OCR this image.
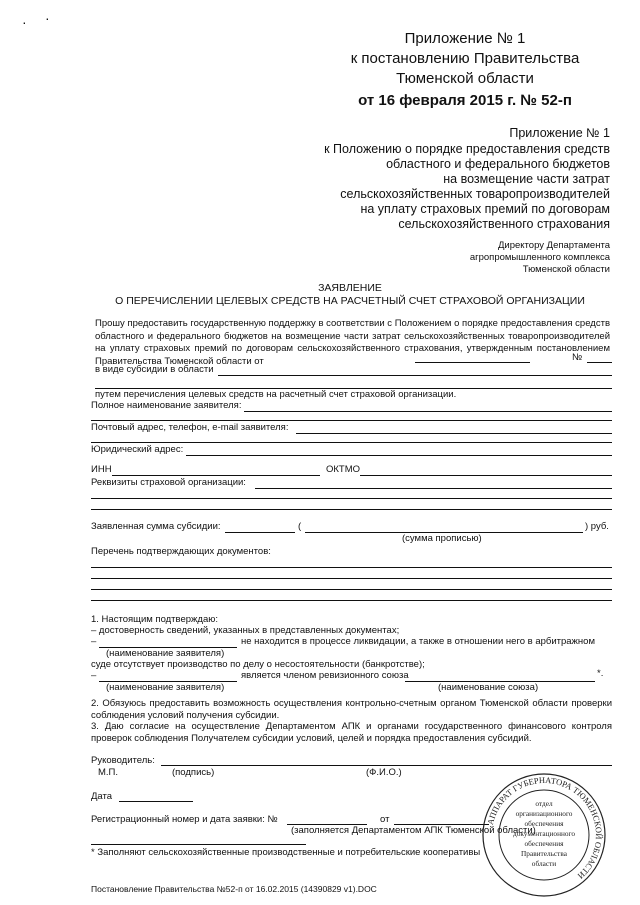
· ·
Приложение № 1
к постановлению Правительства
Тюменской области
от 16 февраля 2015 г. № 52-п
Приложение № 1
к Положению о порядке предоставления средств
областного и федерального бюджетов
на возмещение части затрат
сельскохозяйственных товаропроизводителей
на уплату страховых премий по договорам
сельскохозяйственного страхования
Директору Департамента
агропромышленного комплекса
Тюменской области
ЗАЯВЛЕНИЕ
О ПЕРЕЧИСЛЕНИИ ЦЕЛЕВЫХ СРЕДСТВ НА РАСЧЕТНЫЙ СЧЕТ СТРАХОВОЙ ОРГАНИЗАЦИИ
Прошу предоставить государственную поддержку в соответствии с Положением о порядке предоставления средств областного и федерального бюджетов на возмещение части затрат сельскохозяйственных товаропроизводителей на уплату страховых премий по договорам сельскохозяйственного страхования, утвержденным постановлением Правительства Тюменской области от	№
в виде субсидии в области
путем перечисления целевых средств на расчетный счет страховой организации.
Полное наименование заявителя:
Почтовый адрес, телефон, e-mail заявителя:
Юридический адрес:
ИНН	ОКТМО
Реквизиты страховой организации:
Заявленная сумма субсидии:	(	) руб.
(сумма прописью)
Перечень подтверждающих документов:
1. Настоящим подтверждаю:
– достоверность сведений, указанных в представленных документах;
–	не находится в процессе ликвидации, а также в отношении него в арбитражном
(наименование заявителя)
суде отсутствует производство по делу о несостоятельности (банкротстве);
–	является членом ревизионного союза	*.
(наименование заявителя)	(наименование союза)
2. Обязуюсь предоставить возможность осуществления контрольно-счетным органом Тюменской области проверки соблюдения условий получения субсидии.
3. Даю согласие на осуществление Департаментом АПК и органами государственного финансового контроля проверок соблюдения Получателем субсидии условий, целей и порядка предоставления субсидий.
Руководитель:
М.П.	(подпись)	(Ф.И.О.)
Дата
Регистрационный номер и дата заявки: №	от
(заполняется Департаментом АПК Тюменской области)
* Заполняют сельскохозяйственные производственные и потребительские кооперативы
Постановление Правительства №52-п от 16.02.2015 (14390829 v1).DOC
АППАРАТ ГУБЕРНАТОРА ТЮМЕНСКОЙ ОБЛАСТИ
отдел
организационного
обеспечения
документационного
обеспечения
Правительства
области
